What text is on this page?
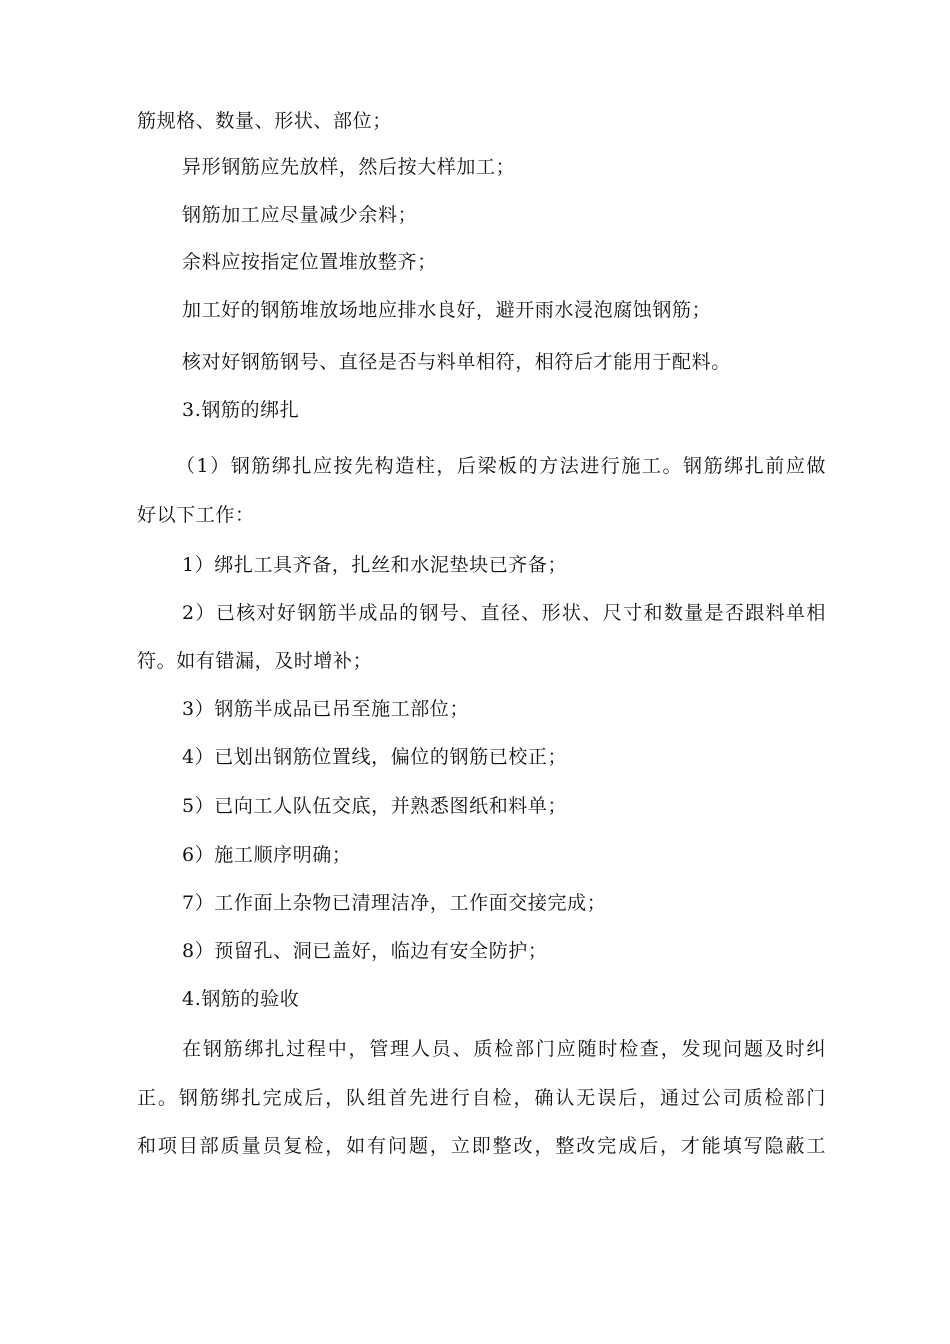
筋规格、数量、形状、部位；
异形钢筋应先放样，然后按大样加工；
钢筋加工应尽量减少余料；
余料应按指定位置堆放整齐；
加工好的钢筋堆放场地应排水良好，避开雨水浸泡腐蚀钢筋；
核对好钢筋钢号、直径是否与料单相符，相符后才能用于配料。
3.钢筋的绑扎
（1）钢筋绑扎应按先构造柱，后梁板的方法进行施工。钢筋绑扎前应做
好以下工作：
1）绑扎工具齐备，扎丝和水泥垫块已齐备；
2）已核对好钢筋半成品的钢号、直径、形状、尺寸和数量是否跟料单相
符。如有错漏，及时增补；
3）钢筋半成品已吊至施工部位；
4）已划出钢筋位置线，偏位的钢筋已校正；
5）已向工人队伍交底，并熟悉图纸和料单；
6）施工顺序明确；
7）工作面上杂物已清理洁净，工作面交接完成；
8）预留孔、洞已盖好，临边有安全防护；
4.钢筋的验收
在钢筋绑扎过程中，管理人员、质检部门应随时检查，发现问题及时纠
正。钢筋绑扎完成后，队组首先进行自检，确认无误后，通过公司质检部门
和项目部质量员复检，如有问题，立即整改，整改完成后，才能填写隐蔽工
